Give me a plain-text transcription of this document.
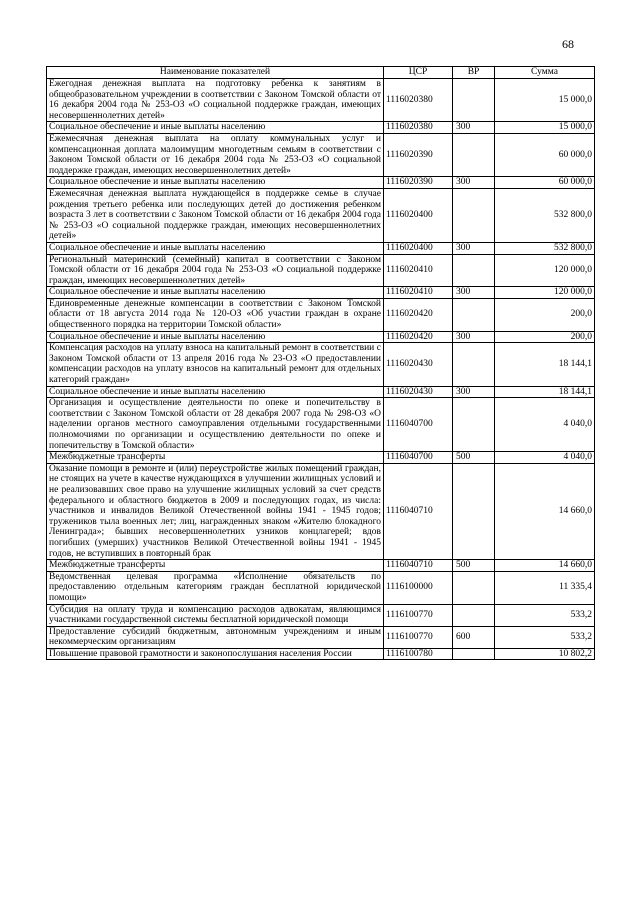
68
Наименование показателей	ЦСР	ВР	Сумма
Ежегодная денежная выплата на подготовку ребенка к занятиям в общеобразовательном учреждении в соответствии с Законом Томской области от 16 декабря 2004 года № 253-ОЗ «О социальной поддержке граждан, имеющих несовершеннолетних детей»	1116020380		15 000,0
Социальное обеспечение и иные выплаты населению	1116020380	300	15 000,0
Ежемесячная денежная выплата на оплату коммунальных услуг и компенсационная доплата малоимущим многодетным семьям в соответствии с Законом Томской области от 16 декабря 2004 года № 253-ОЗ «О социальной поддержке граждан, имеющих несовершеннолетних детей»	1116020390		60 000,0
Социальное обеспечение и иные выплаты населению	1116020390	300	60 000,0
Ежемесячная денежная выплата нуждающейся в поддержке семье в случае рождения третьего ребенка или последующих детей до достижения ребенком возраста 3 лет в соответствии с Законом Томской области от 16 декабря 2004 года № 253-ОЗ «О социальной поддержке граждан, имеющих несовершеннолетних детей»	1116020400		532 800,0
Социальное обеспечение и иные выплаты населению	1116020400	300	532 800,0
Региональный материнский (семейный) капитал в соответствии с Законом Томской области от 16 декабря 2004 года № 253-ОЗ «О социальной поддержке граждан, имеющих несовершеннолетних детей»	1116020410		120 000,0
Социальное обеспечение и иные выплаты населению	1116020410	300	120 000,0
Единовременные денежные компенсации в соответствии с Законом Томской области от 18 августа 2014 года № 120-ОЗ «Об участии граждан в охране общественного порядка на территории Томской области»	1116020420		200,0
Социальное обеспечение и иные выплаты населению	1116020420	300	200,0
Компенсация расходов на уплату взноса на капитальный ремонт в соответствии с Законом Томской области от 13 апреля 2016 года № 23-ОЗ «О предоставлении компенсации расходов на уплату взносов на капитальный ремонт для отдельных категорий граждан»	1116020430		18 144,1
Социальное обеспечение и иные выплаты населению	1116020430	300	18 144,1
Организация и осуществление деятельности по опеке и попечительству в соответствии с Законом Томской области от 28 декабря 2007 года № 298-ОЗ «О наделении органов местного самоуправления отдельными государственными полномочиями по организации и осуществлению деятельности по опеке и попечительству в Томской области»	1116040700		4 040,0
Межбюджетные трансферты	1116040700	500	4 040,0
Оказание помощи в ремонте и (или) переустройстве жилых помещений граждан, не стоящих на учете в качестве нуждающихся в улучшении жилищных условий и не реализовавших свое право на улучшение жилищных условий за счет средств федерального и областного бюджетов в 2009 и последующих годах, из числа: участников и инвалидов Великой Отечественной войны 1941 - 1945 годов; тружеников тыла военных лет; лиц, награжденных знаком «Жителю блокадного Ленинграда»; бывших несовершеннолетних узников концлагерей; вдов погибших (умерших) участников Великой Отечественной войны 1941 - 1945 годов, не вступивших в повторный брак	1116040710		14 660,0
Межбюджетные трансферты	1116040710	500	14 660,0
Ведомственная целевая программа «Исполнение обязательств по предоставлению отдельным категориям граждан бесплатной юридической помощи»	1116100000		11 335,4
Субсидия на оплату труда и компенсацию расходов адвокатам, являющимся участниками государственной системы бесплатной юридической помощи	1116100770		533,2
Предоставление субсидий бюджетным, автономным учреждениям и иным некоммерческим организациям	1116100770	600	533,2
Повышение правовой грамотности и законопослушания населения России	1116100780		10 802,2
